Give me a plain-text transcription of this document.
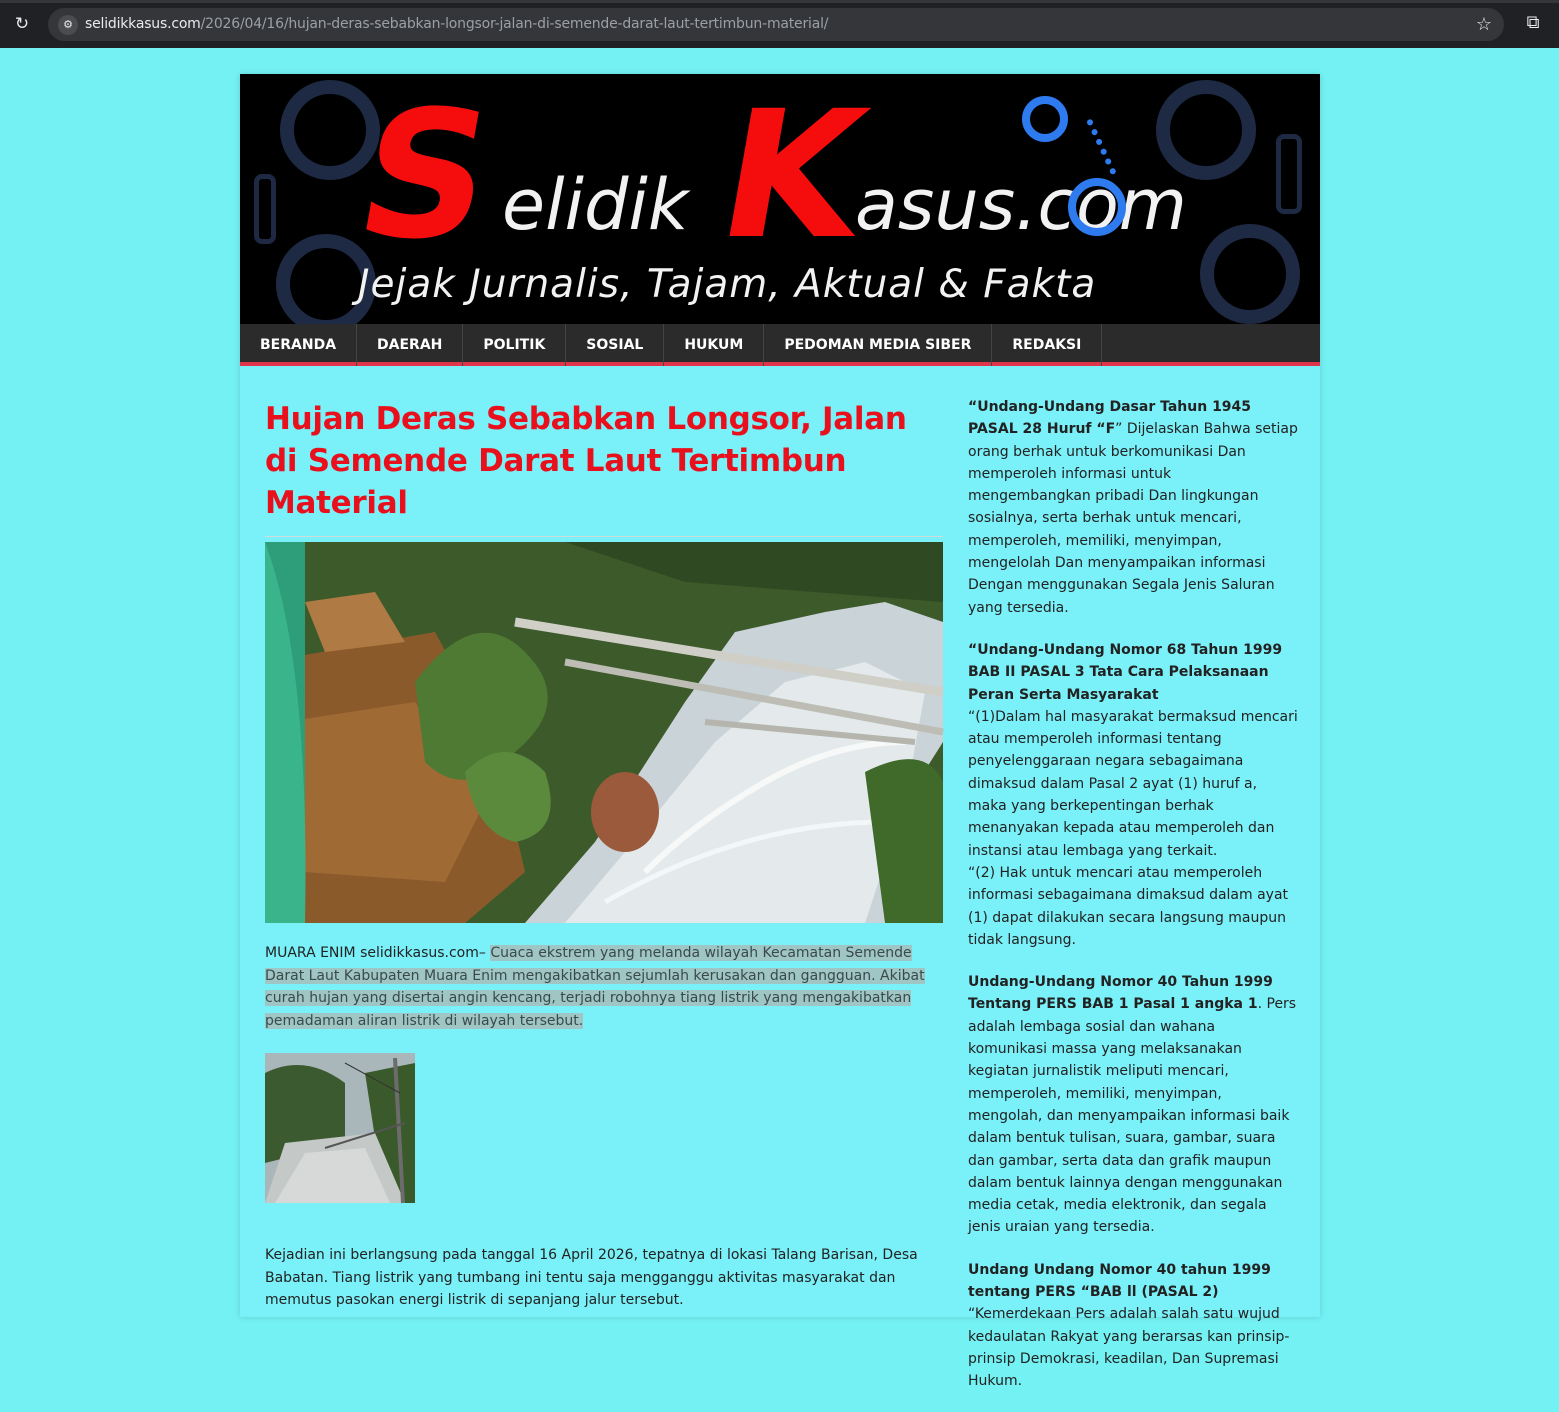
↻	⚙ selidikkasus.com/2026/04/16/hujan-deras-sebabkan-longsor-jalan-di-semende-darat-laut-tertimbun-material/	☆ ⧉
S
elidik K
asus.com
Jejak Jurnalis, Tajam, Aktual & Fakta
BERANDA	DAERAH	POLITIK	SOSIAL	HUKUM	PEDOMAN MEDIA SIBER	REDAKSI
Hujan Deras Sebabkan Longsor, Jalan di Semende Darat Laut Tertimbun Material

MUARA ENIM selidikkasus.com– Cuaca ekstrem yang melanda wilayah Kecamatan Semende Darat Laut Kabupaten Muara Enim mengakibatkan sejumlah kerusakan dan gangguan. Akibat curah hujan yang disertai angin kencang, terjadi robohnya tiang listrik yang mengakibatkan pemadaman aliran listrik di wilayah tersebut.

Kejadian ini berlangsung pada tanggal 16 April 2026, tepatnya di lokasi Talang Barisan, Desa Babatan. Tiang listrik yang tumbang ini tentu saja mengganggu aktivitas masyarakat dan memutus pasokan energi listrik di sepanjang jalur tersebut.

“Undang-Undang Dasar Tahun 1945 PASAL 28 Huruf “F” Dijelaskan Bahwa setiap orang berhak untuk berkomunikasi Dan memperoleh informasi untuk mengembangkan pribadi Dan lingkungan sosialnya, serta berhak untuk mencari, memperoleh, memiliki, menyimpan, mengelolah Dan menyampaikan informasi Dengan menggunakan Segala Jenis Saluran yang tersedia.
“Undang-Undang Nomor 68 Tahun 1999 BAB II PASAL 3 Tata Cara Pelaksanaan Peran Serta Masyarakat
“(1)Dalam hal masyarakat bermaksud mencari atau memperoleh informasi tentang penyelenggaraan negara sebagaimana dimaksud dalam Pasal 2 ayat (1) huruf a, maka yang berkepentingan berhak menanyakan kepada atau memperoleh dan instansi atau lembaga yang terkait.
“(2) Hak untuk mencari atau memperoleh informasi sebagaimana dimaksud dalam ayat (1) dapat dilakukan secara langsung maupun tidak langsung.
Undang-Undang Nomor 40 Tahun 1999 Tentang PERS BAB 1 Pasal 1 angka 1. Pers adalah lembaga sosial dan wahana komunikasi massa yang melaksanakan kegiatan jurnalistik meliputi mencari, memperoleh, memiliki, menyimpan, mengolah, dan menyampaikan informasi baik dalam bentuk tulisan, suara, gambar, suara dan gambar, serta data dan grafik maupun dalam bentuk lainnya dengan menggunakan media cetak, media elektronik, dan segala jenis uraian yang tersedia.
Undang Undang Nomor 40 tahun 1999 tentang PERS “BAB ll (PASAL 2) “Kemerdekaan Pers adalah salah satu wujud kedaulatan Rakyat yang berarsas kan prinsip-prinsip Demokrasi, keadilan, Dan Supremasi Hukum.
